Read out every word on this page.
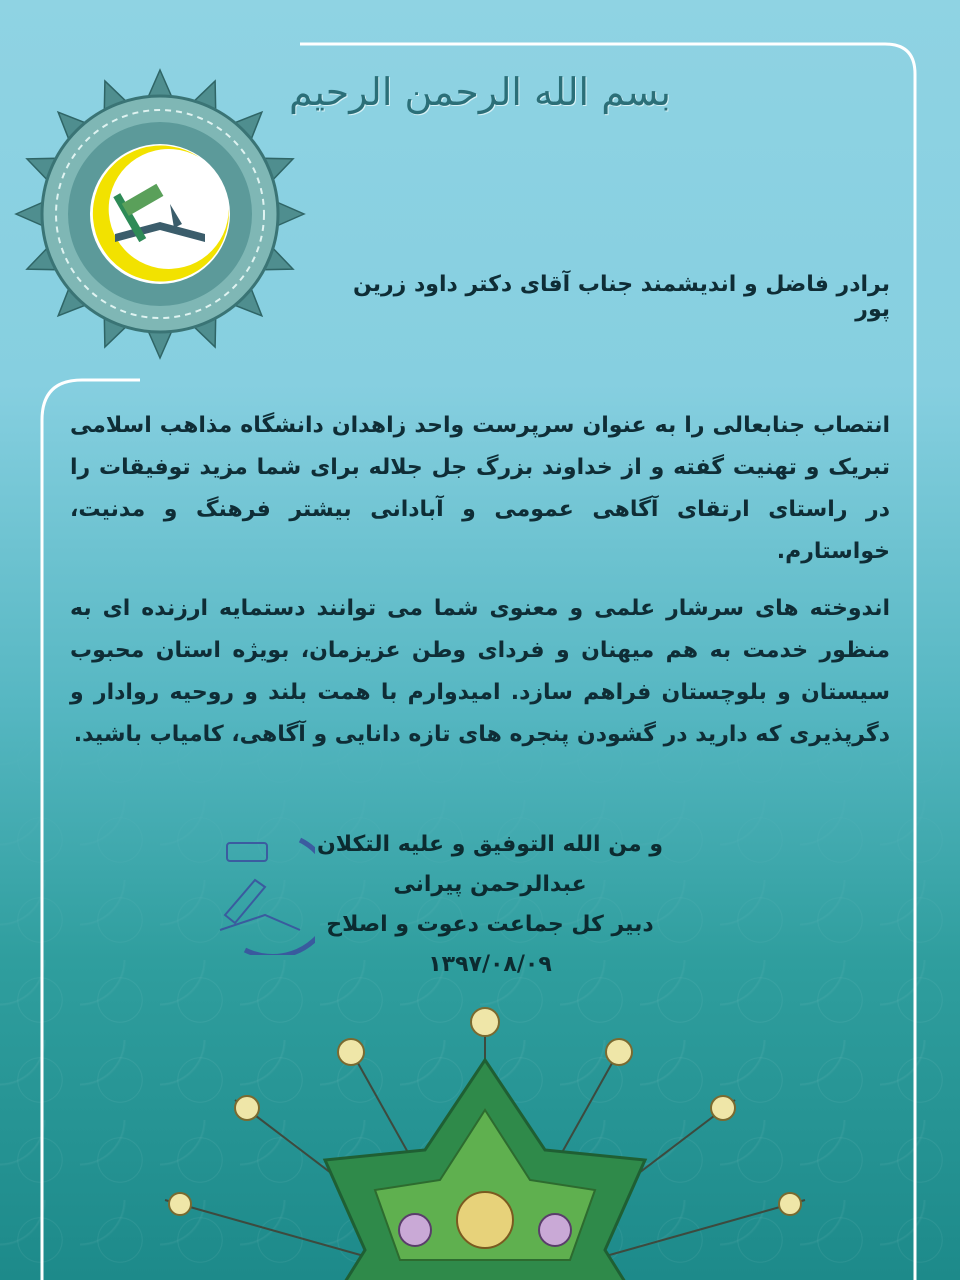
بسم الله الرحمن الرحیم
برادر فاضل و اندیشمند جناب آقای دکتر داود زرین پور
انتصاب جنابعالی را به عنوان سرپرست واحد زاهدان دانشگاه مذاهب اسلامی تبریک و تهنیت گفته و از خداوند بزرگ جل جلاله برای شما مزید توفیقات را در راستای ارتقای آگاهی عمومی و آبادانی بیشتر فرهنگ و مدنیت، خواستارم.
اندوخته های سرشار علمی و معنوی شما می توانند دستمایه ارزنده ای به منظور خدمت به هم میهنان و فردای وطن عزیزمان، بویژه استان محبوب سیستان و بلوچستان فراهم سازد. امیدوارم با همت بلند و روحیه روادار و دگرپذیری که دارید در گشودن پنجره های تازه دانایی و آگاهی، کامیاب باشید.
و من الله التوفیق و علیه التکلان
عبدالرحمن پیرانی
دبیر کل جماعت دعوت و اصلاح
۱۳۹۷/۰۸/۰۹
